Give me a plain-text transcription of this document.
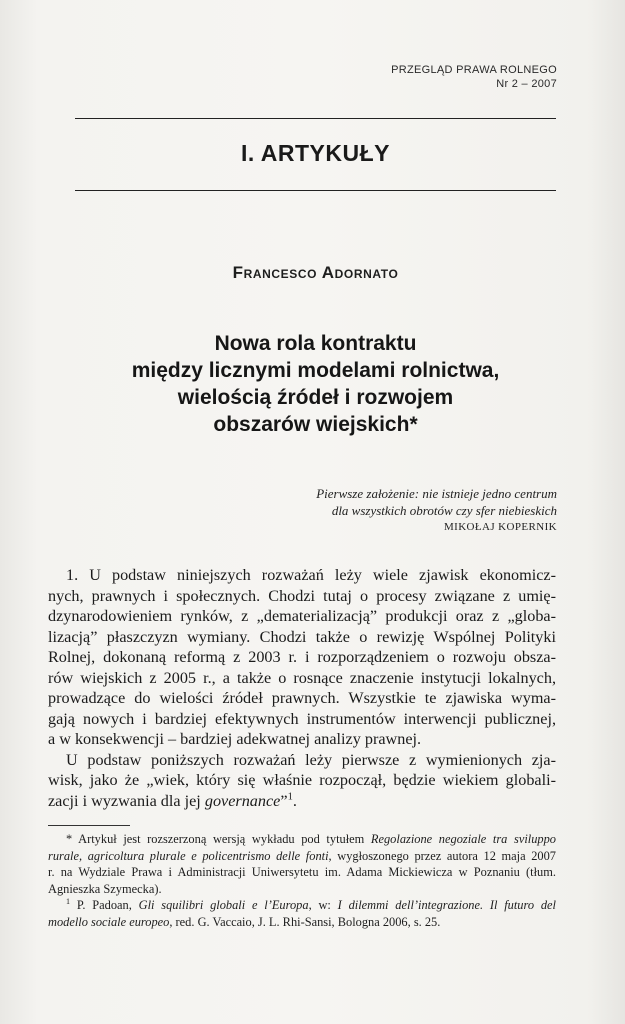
PRZEGLĄD PRAWA ROLNEGO
Nr 2 – 2007
I. ARTYKUŁY
Francesco Adornato
Nowa rola kontraktu
między licznymi modelami rolnictwa,
wielością źródeł i rozwojem
obszarów wiejskich*
Pierwsze założenie: nie istnieje jedno centrum
dla wszystkich obrotów czy sfer niebieskich
MIKOŁAJ KOPERNIK
1. U podstaw niniejszych rozważań leży wiele zjawisk ekonomicz-
nych, prawnych i społecznych. Chodzi tutaj o procesy związane z umię-
dzynarodowieniem rynków, z „dematerializacją” produkcji oraz z „globa-
lizacją” płaszczyzn wymiany. Chodzi także o rewizję Wspólnej Polityki
Rolnej, dokonaną reformą z 2003 r. i rozporządzeniem o rozwoju obsza-
rów wiejskich z 2005 r., a także o rosnące znaczenie instytucji lokalnych,
prowadzące do wielości źródeł prawnych. Wszystkie te zjawiska wyma-
gają nowych i bardziej efektywnych instrumentów interwencji publicznej,
a w konsekwencji – bardziej adekwatnej analizy prawnej.
U podstaw poniższych rozważań leży pierwsze z wymienionych zja-
wisk, jako że „wiek, który się właśnie rozpoczął, będzie wiekiem globali-
zacji i wyzwania dla jej governance”$^1$.
* Artykuł jest rozszerzoną wersją wykładu pod tytułem Regolazione negoziale tra sviluppo
rurale, agricoltura plurale e policentrismo delle fonti, wygłoszonego przez autora 12 maja 2007
r. na Wydziale Prawa i Administracji Uniwersytetu im. Adama Mickiewicza w Poznaniu (tłum.
Agnieszka Szymecka).
$^1$ P. Padoan, Gli squilibri globali e l’Europa, w: I dilemmi dell’integrazione. Il futuro del
modello sociale europeo, red. G. Vaccaio, J. L. Rhi-Sansi, Bologna 2006, s. 25.
